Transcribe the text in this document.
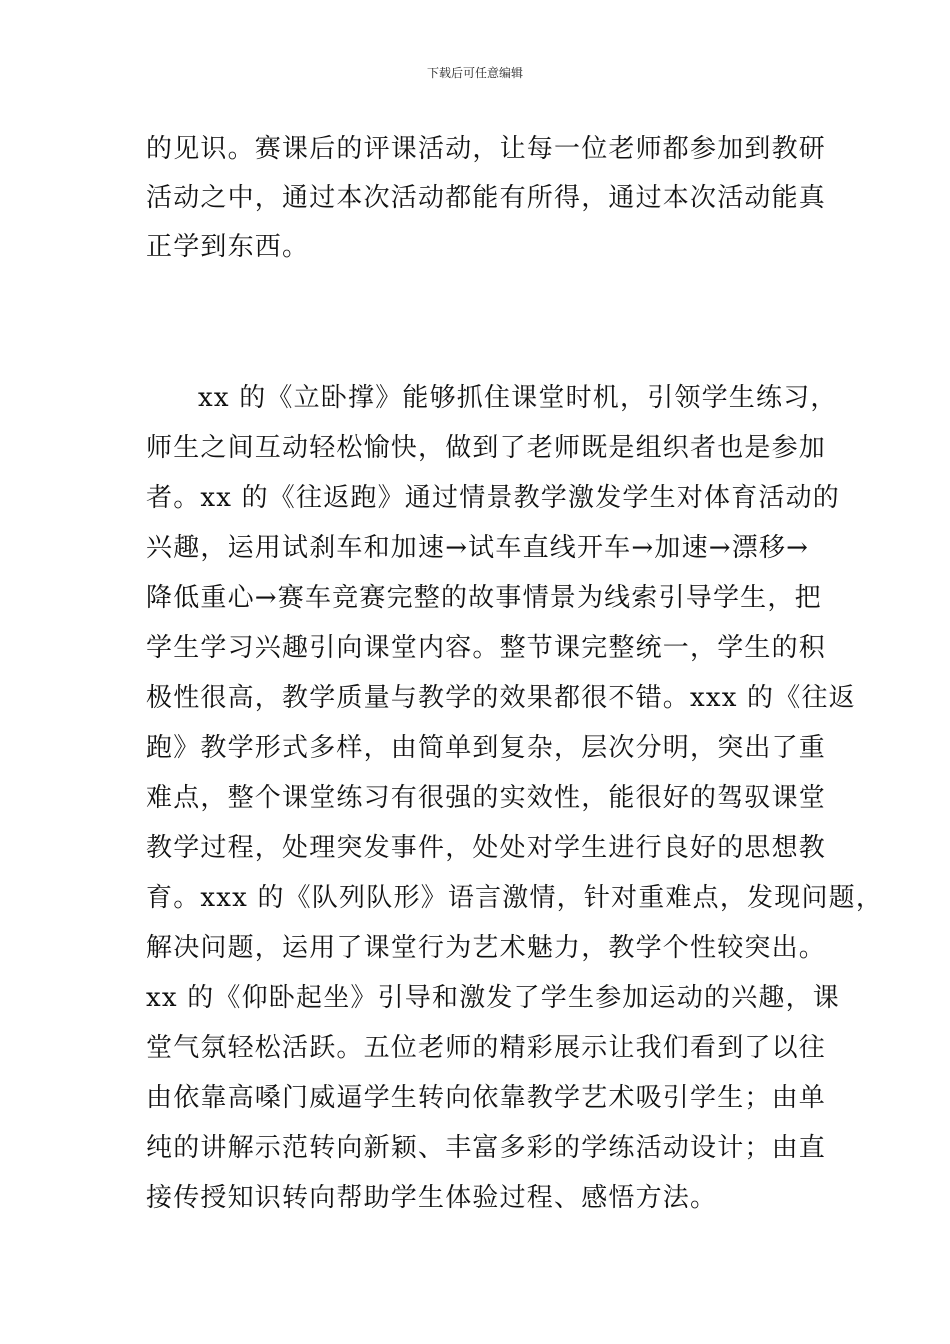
下载后可任意编辑
的见识。赛课后的评课活动，让每一位老师都参加到教研
活动之中，通过本次活动都能有所得，通过本次活动能真
正学到东西。
xx 的《立卧撑》能够抓住课堂时机，引领学生练习，
师生之间互动轻松愉快，做到了老师既是组织者也是参加
者。xx 的《往返跑》通过情景教学激发学生对体育活动的
兴趣，运用试刹车和加速→试车直线开车→加速→漂移→
降低重心→赛车竞赛完整的故事情景为线索引导学生，把
学生学习兴趣引向课堂内容。整节课完整统一，学生的积
极性很高，教学质量与教学的效果都很不错。xxx 的《往返
跑》教学形式多样，由简单到复杂，层次分明，突出了重
难点，整个课堂练习有很强的实效性，能很好的驾驭课堂
教学过程，处理突发事件，处处对学生进行良好的思想教
育。xxx 的《队列队形》语言激情，针对重难点，发现问题，
解决问题，运用了课堂行为艺术魅力，教学个性较突出。
xx 的《仰卧起坐》引导和激发了学生参加运动的兴趣，课
堂气氛轻松活跃。五位老师的精彩展示让我们看到了以往
由依靠高嗓门威逼学生转向依靠教学艺术吸引学生；由单
纯的讲解示范转向新颖、丰富多彩的学练活动设计；由直
接传授知识转向帮助学生体验过程、感悟方法。
